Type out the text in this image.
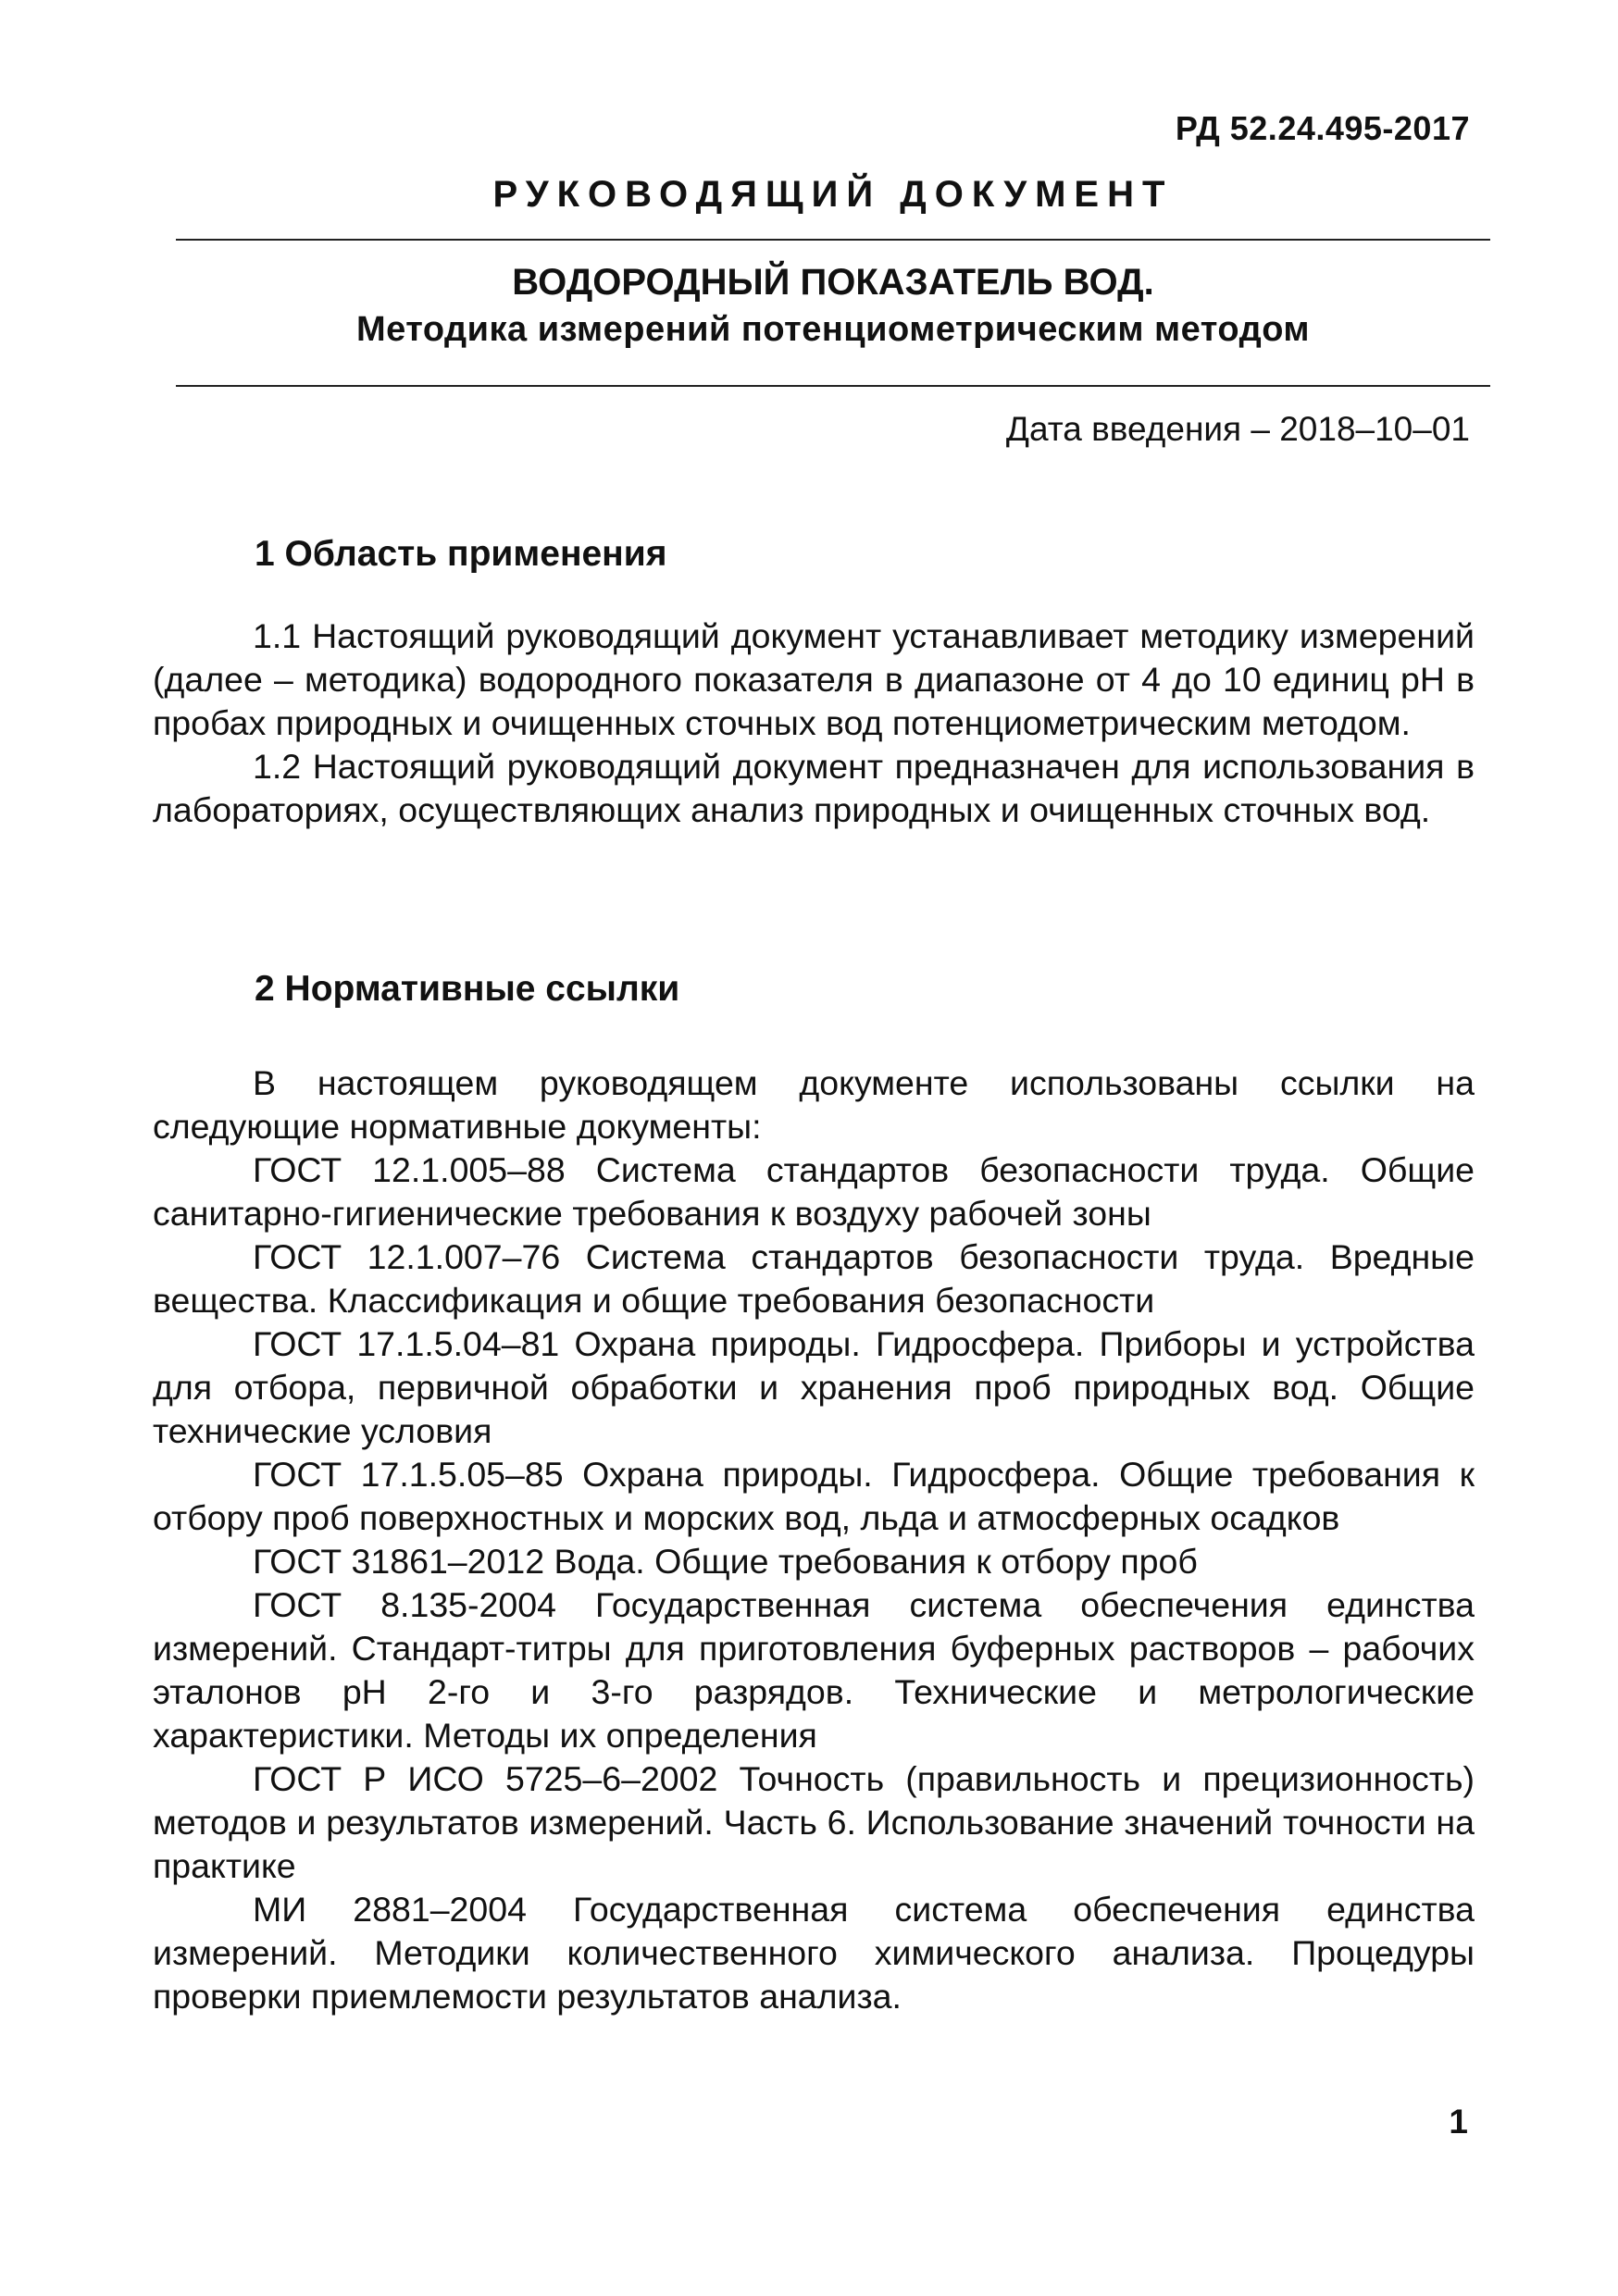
РД 52.24.495-2017
РУКОВОДЯЩИЙ ДОКУМЕНТ
ВОДОРОДНЫЙ ПОКАЗАТЕЛЬ ВОД.
Методика измерений потенциометрическим методом
Дата введения – 2018–10–01
1 Область применения

1.1 Настоящий руководящий документ устанавливает методику измерений (далее – методика) водородного показателя в диапазоне от 4 до 10 единиц рН в пробах природных и очищенных сточных вод потенциометрическим методом.

1.2 Настоящий руководящий документ предназначен для использования в лабораториях, осуществляющих анализ природных и очищенных сточных вод.

2 Нормативные ссылки

В настоящем руководящем документе использованы ссылки на следующие нормативные документы:

ГОСТ 12.1.005–88 Система стандартов безопасности труда. Общие санитарно-гигиенические требования к воздуху рабочей зоны

ГОСТ 12.1.007–76 Система стандартов безопасности труда. Вредные вещества. Классификация и общие требования безопасности

ГОСТ 17.1.5.04–81 Охрана природы. Гидросфера. Приборы и устройства для отбора, первичной обработки и хранения проб природных вод. Общие технические условия

ГОСТ 17.1.5.05–85 Охрана природы. Гидросфера. Общие требования к отбору проб поверхностных и морских вод, льда и атмосферных осадков

ГОСТ 31861–2012 Вода. Общие требования к отбору проб

ГОСТ 8.135-2004 Государственная система обеспечения единства измерений. Стандарт-титры для приготовления буферных растворов – рабочих эталонов рН 2-го и 3-го разрядов. Технические и метрологические характеристики. Методы их определения

ГОСТ Р ИСО 5725–6–2002 Точность (правильность и прецизионность) методов и результатов измерений. Часть 6. Использование значений точности на практике

МИ 2881–2004 Государственная система обеспечения единства измерений. Методики количественного химического анализа. Процедуры проверки приемлемости результатов анализа.

1
